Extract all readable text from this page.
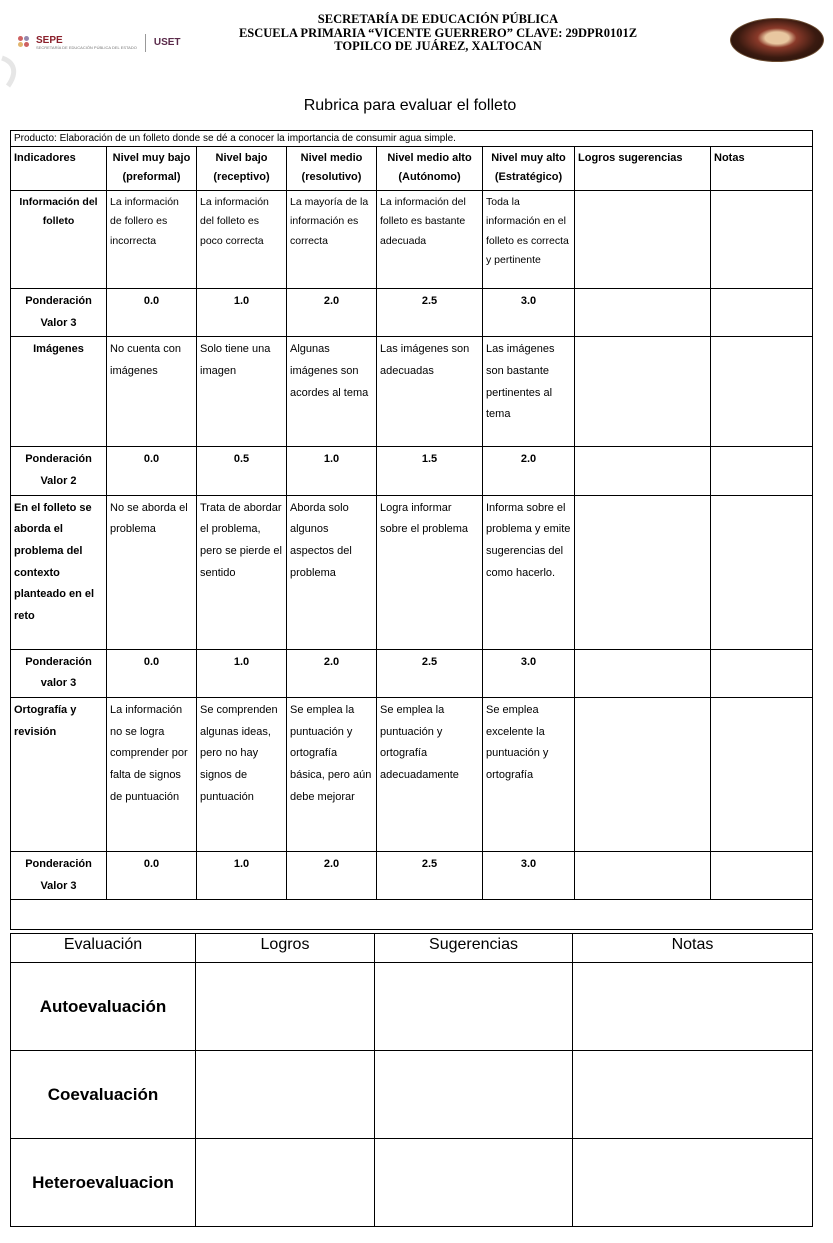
SEPE
SECRETARÍA DE EDUCACIÓN PÚBLICA DEL ESTADO USET
SECRETARÍA DE EDUCACIÓN PÚBLICA
ESCUELA PRIMARIA “VICENTE GUERRERO” CLAVE: 29DPR0101Z
TOPILCO DE JUÁREZ, XALTOCAN
Rubrica para evaluar el folleto
Producto: Elaboración de un folleto donde se dé a conocer la importancia de consumir agua simple.							
Indicadores	Nivel muy bajo (preformal)	Nivel bajo (receptivo)	Nivel medio (resolutivo)	Nivel medio alto (Autónomo)	Nivel muy alto (Estratégico)	Logros sugerencias	Notas
Información del folleto	La información de follero es incorrecta	La información del folleto es poco correcta	La mayoría de la información es correcta	La información del folleto es bastante adecuada	Toda la información en el folleto es correcta y pertinente		
Ponderación Valor 3	0.0	1.0	2.0	2.5	3.0		
Imágenes	No cuenta con imágenes	Solo tiene una imagen	Algunas imágenes son acordes al tema	Las imágenes son adecuadas	Las imágenes son bastante pertinentes al tema		
Ponderación Valor 2	0.0	0.5	1.0	1.5	2.0		
En el folleto se aborda el problema del contexto planteado en el reto	No se aborda el problema	Trata de abordar el problema, pero se pierde el sentido	Aborda solo algunos aspectos del problema	Logra informar sobre el problema	Informa sobre el problema y emite sugerencias del como hacerlo.		
Ponderación valor 3	0.0	1.0	2.0	2.5	3.0		
Ortografía y revisión	La información no se logra comprender por falta de signos de puntuación	Se comprenden algunas ideas, pero no hay signos de puntuación	Se emplea la puntuación y ortografía básica, pero aún debe mejorar	Se emplea la puntuación y ortografía adecuadamente	Se emplea excelente la puntuación y ortografía		
Ponderación Valor 3	0.0	1.0	2.0	2.5	3.0		

Evaluación	Logros	Sugerencias	Notas
Autoevaluación			
Coevaluación			
Heteroevaluacion			
